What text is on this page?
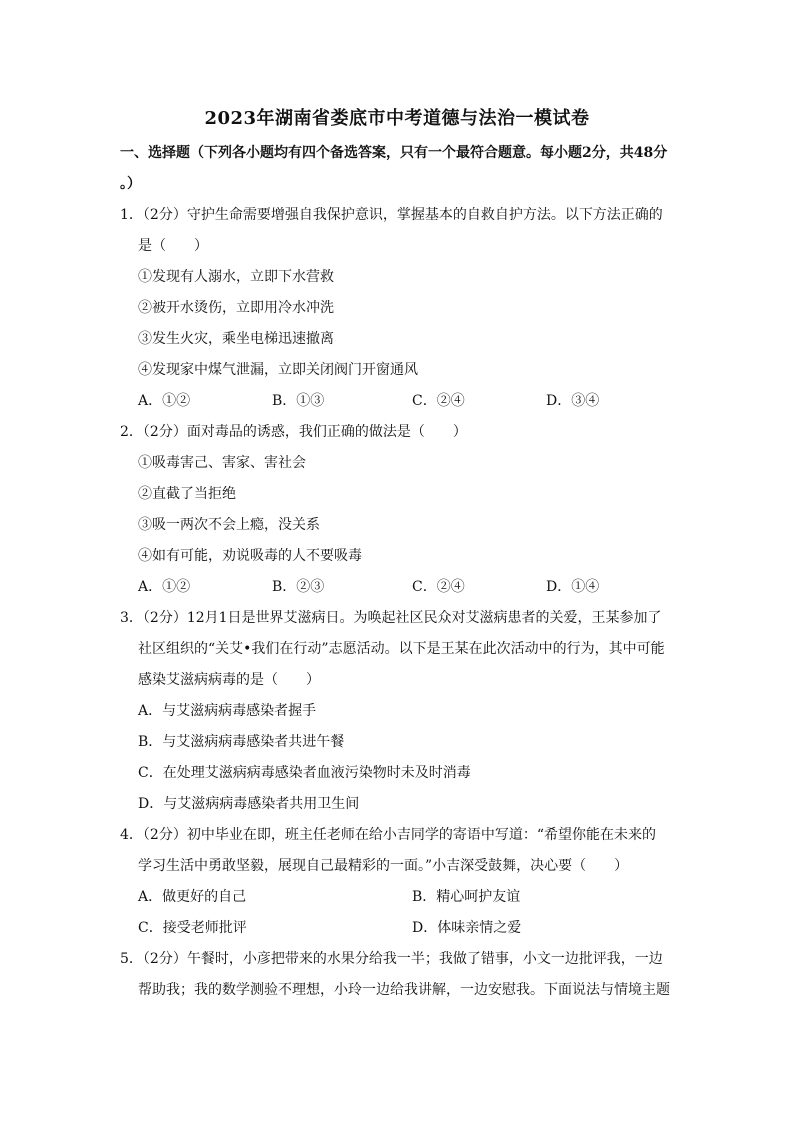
2023年湖南省娄底市中考道德与法治一模试卷
一、选择题（下列各小题均有四个备选答案，只有一个最符合题意。每小题2分，共48分
。）
1．（2分）守护生命需要增强自我保护意识，掌握基本的自救自护方法。以下方法正确的
是（　　）
①发现有人溺水，立即下水营救
②被开水烫伤，立即用冷水冲洗
③发生火灾，乘坐电梯迅速撤离
④发现家中煤气泄漏，立即关闭阀门开窗通风
A．①②	B．①③	C．②④	D．③④
2．（2分）面对毒品的诱惑，我们正确的做法是（　　）
①吸毒害己、害家、害社会
②直截了当拒绝
③吸一两次不会上瘾，没关系
④如有可能，劝说吸毒的人不要吸毒
A．①②	B．②③	C．②④	D．①④
3．（2分）12月1日是世界艾滋病日。为唤起社区民众对艾滋病患者的关爱，王某参加了
社区组织的“关艾•我们在行动”志愿活动。以下是王某在此次活动中的行为，其中可能
感染艾滋病病毒的是（　　）
A．与艾滋病病毒感染者握手
B．与艾滋病病毒感染者共进午餐
C．在处理艾滋病病毒感染者血液污染物时未及时消毒
D．与艾滋病病毒感染者共用卫生间
4．（2分）初中毕业在即，班主任老师在给小吉同学的寄语中写道：“希望你能在未来的
学习生活中勇敢坚毅，展现自己最精彩的一面。”小吉深受鼓舞，决心要（　　）
A．做更好的自己	B．精心呵护友谊
C．接受老师批评	D．体味亲情之爱
5．（2分）午餐时，小彦把带来的水果分给我一半；我做了错事，小文一边批评我，一边
帮助我；我的数学测验不理想，小玲一边给我讲解，一边安慰我。下面说法与情境主题
